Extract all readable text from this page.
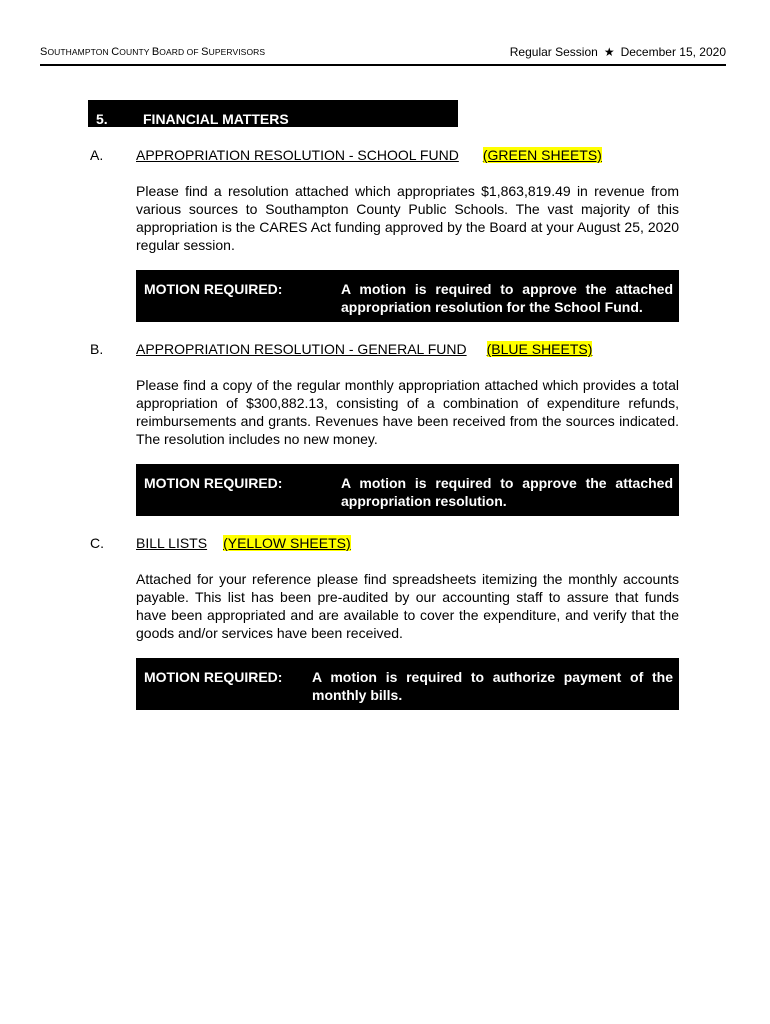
SOUTHAMPTON COUNTY BOARD OF SUPERVISORS	Regular Session ★ December 15, 2020
5.	FINANCIAL MATTERS
A. APPROPRIATION RESOLUTION - SCHOOL FUND (GREEN SHEETS)
Please find a resolution attached which appropriates $1,863,819.49 in revenue from various sources to Southampton County Public Schools. The vast majority of this appropriation is the CARES Act funding approved by the Board at your August 25, 2020 regular session.
MOTION REQUIRED:	A motion is required to approve the attached appropriation resolution for the School Fund.
B. APPROPRIATION RESOLUTION - GENERAL FUND (BLUE SHEETS)
Please find a copy of the regular monthly appropriation attached which provides a total appropriation of $300,882.13, consisting of a combination of expenditure refunds, reimbursements and grants. Revenues have been received from the sources indicated. The resolution includes no new money.
MOTION REQUIRED:	A motion is required to approve the attached appropriation resolution.
C. BILL LISTS (YELLOW SHEETS)
Attached for your reference please find spreadsheets itemizing the monthly accounts payable. This list has been pre-audited by our accounting staff to assure that funds have been appropriated and are available to cover the expenditure, and verify that the goods and/or services have been received.
MOTION REQUIRED: A motion is required to authorize payment of the monthly bills.
